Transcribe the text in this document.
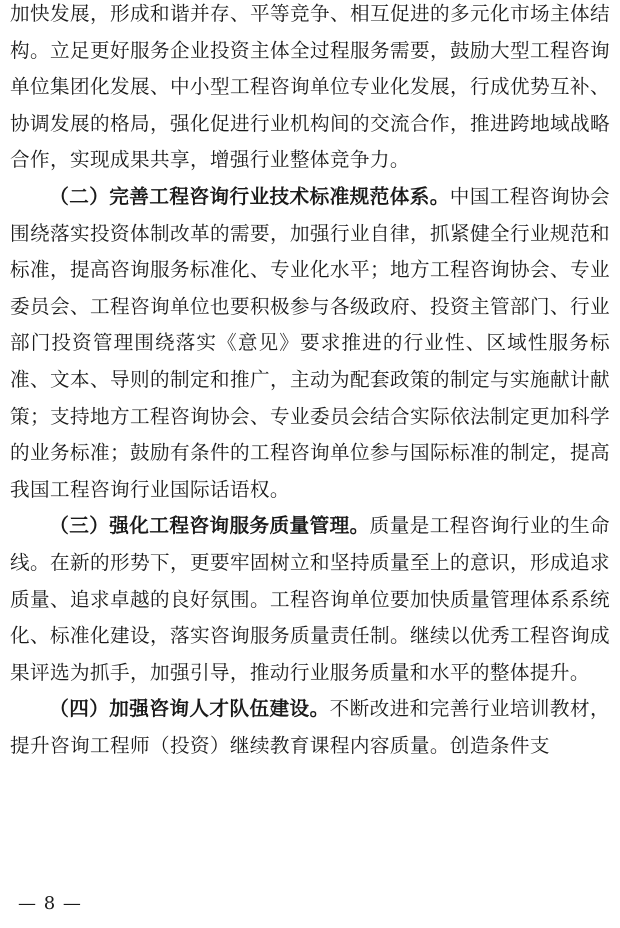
加快发展，形成和谐并存、平等竞争、相互促进的多元化市场主体结构。立足更好服务企业投资主体全过程服务需要，鼓励大型工程咨询单位集团化发展、中小型工程咨询单位专业化发展，行成优势互补、协调发展的格局，强化促进行业机构间的交流合作，推进跨地域战略合作，实现成果共享，增强行业整体竞争力。

（二）完善工程咨询行业技术标准规范体系。中国工程咨询协会围绕落实投资体制改革的需要，加强行业自律，抓紧健全行业规范和标准，提高咨询服务标准化、专业化水平；地方工程咨询协会、专业委员会、工程咨询单位也要积极参与各级政府、投资主管部门、行业部门投资管理围绕落实《意见》要求推进的行业性、区域性服务标准、文本、导则的制定和推广，主动为配套政策的制定与实施献计献策；支持地方工程咨询协会、专业委员会结合实际依法制定更加科学的业务标准；鼓励有条件的工程咨询单位参与国际标准的制定，提高我国工程咨询行业国际话语权。

（三）强化工程咨询服务质量管理。质量是工程咨询行业的生命线。在新的形势下，更要牢固树立和坚持质量至上的意识，形成追求质量、追求卓越的良好氛围。工程咨询单位要加快质量管理体系系统化、标准化建设，落实咨询服务质量责任制。继续以优秀工程咨询成果评选为抓手，加强引导，推动行业服务质量和水平的整体提升。

（四）加强咨询人才队伍建设。不断改进和完善行业培训教材，提升咨询工程师（投资）继续教育课程内容质量。创造条件支

— 8 —
